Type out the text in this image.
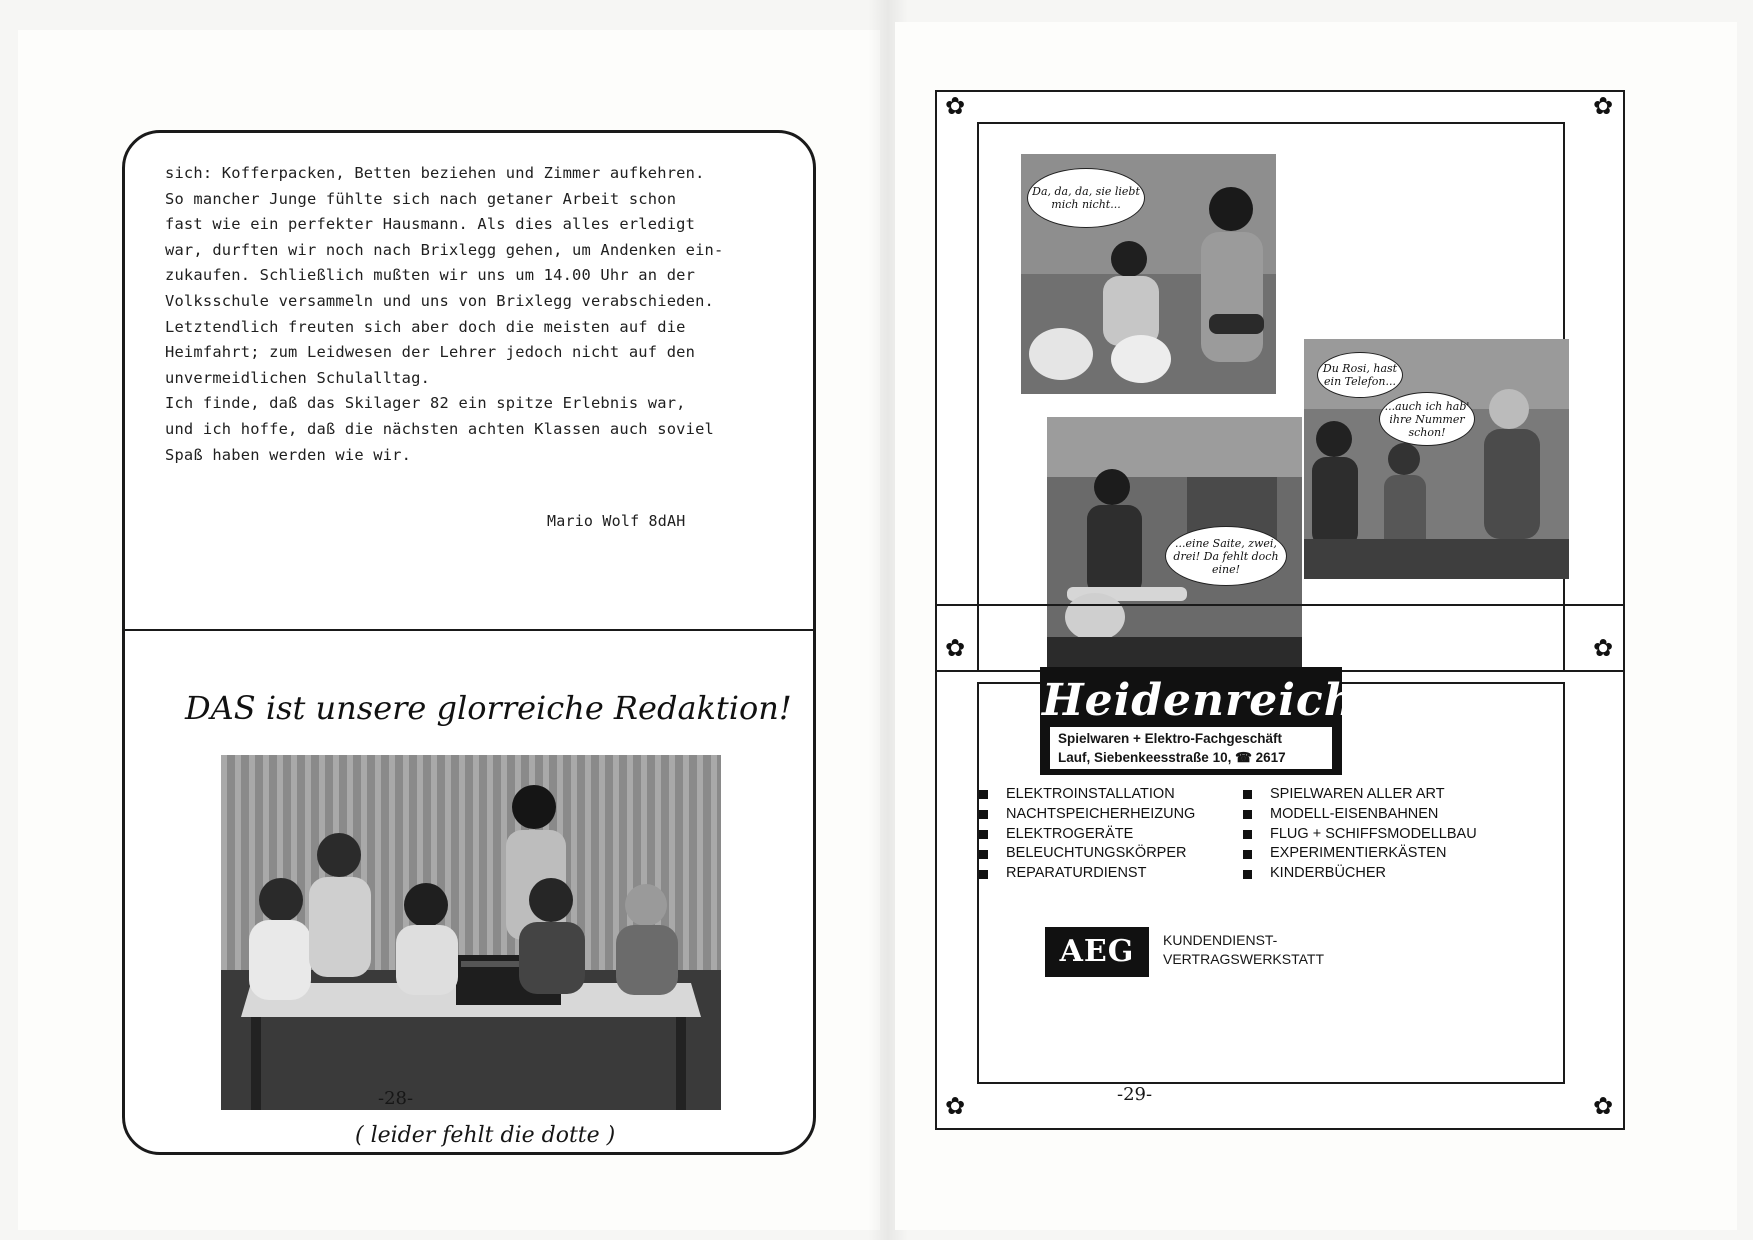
sich: Kofferpacken, Betten beziehen und Zimmer aufkehren.
So mancher Junge fühlte sich nach getaner Arbeit schon
fast wie ein perfekter Hausmann. Als dies alles erledigt
war, durften wir noch nach Brixlegg gehen, um Andenken ein-
zukaufen. Schließlich mußten wir uns um 14.00 Uhr an der
Volksschule versammeln und uns von Brixlegg verabschieden.
Letztendlich freuten sich aber doch die meisten auf die
Heimfahrt; zum Leidwesen der Lehrer jedoch nicht auf den
unvermeidlichen Schulalltag.
Ich finde, daß das Skilager 82 ein spitze Erlebnis war,
und ich hoffe, daß die nächsten achten Klassen auch soviel
Spaß haben werden wie wir.
Mario Wolf 8dAH
DAS ist unsere glorreiche Redaktion!
( leider fehlt die dotte )
-28-
Da, da, da, sie liebt mich nicht...
Du Rosi, hast ein Telefon...
...auch ich hab' ihre Nummer schon!
...eine Saite, zwei, drei! Da fehlt doch eine!
✿	✿
✿	✿
✿	✿
Heidenreich
Spielwaren + Elektro-Fachgeschäft
Lauf, Siebenkeesstraße 10, ☎ 2617
ELEKTROINSTALLATION
NACHTSPEICHERHEIZUNG
ELEKTROGERÄTE
BELEUCHTUNGSKÖRPER
REPARATURDIENST
SPIELWAREN ALLER ART
MODELL-EISENBAHNEN
FLUG + SCHIFFSMODELLBAU
EXPERIMENTIERKÄSTEN
KINDERBÜCHER
AEG	KUNDENDIENST-
VERTRAGSWERKSTATT
-29-
